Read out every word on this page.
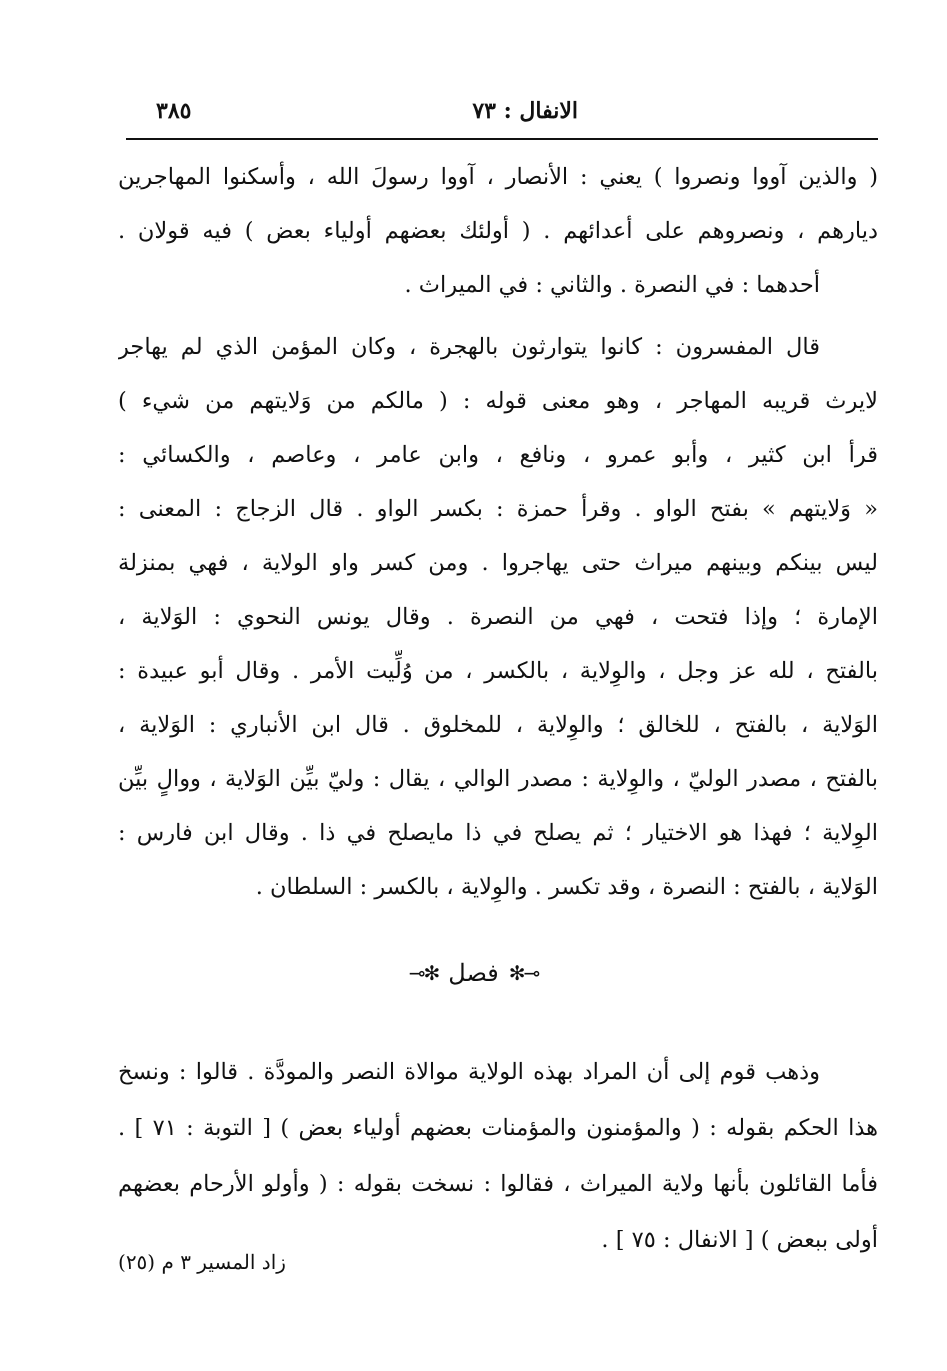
الانفال : ٧٣
٣٨٥
( والذين آووا ونصروا ) يعني : الأنصار ، آووا رسولَ الله ، وأسكنوا المهاجرين
ديارهم ، ونصروهم على أعدائهم . ( أولئك بعضهم أولياء بعض ) فيه قولان .
أحدهما : في النصرة . والثاني : في الميراث .
قال المفسرون : كانوا يتوارثون بالهجرة ، وكان المؤمن الذي لم يهاجر
لايرث قريبه المهاجر ، وهو معنى قوله : ( مالكم من وَلايتهم من شيء )
قرأ ابن كثير ، وأبو عمرو ، ونافع ، وابن عامر ، وعاصم ، والكسائي :
« وَلايتهم » بفتح الواو . وقرأ حمزة : بكسر الواو . قال الزجاج : المعنى :
ليس بينكم وبينهم ميراث حتى يهاجروا . ومن كسر واو الولاية ، فهي بمنزلة
الإمارة ؛ وإذا فتحت ، فهي من النصرة . وقال يونس النحوي : الوَلاية ،
بالفتح ، لله عز وجل ، والوِلاية ، بالكسر ، من وُلِّيت الأمر . وقال أبو عبيدة :
الوَلاية ، بالفتح ، للخالق ؛ والوِلاية ، للمخلوق . قال ابن الأنباري : الوَلاية ،
بالفتح ، مصدر الوليّ ، والوِلاية : مصدر الوالي ، يقال : وليّ بيِّن الوَلاية ، ووالٍ بيِّن
الوِلاية ؛ فهذا هو الاختيار ؛ ثم يصلح في ذا مايصلح في ذا . وقال ابن فارس :
الوَلاية ، بالفتح : النصرة ، وقد تكسر . والوِلاية ، بالكسر : السلطان .
⊸✻
فصل
✻⟜
وذهب قوم إلى أن المراد بهذه الولاية موالاة النصر والمودَّة . قالوا : ونسخ
هذا الحكم بقوله : ( والمؤمنون والمؤمنات بعضهم أولياء بعض ) [ التوبة : ٧١ ] .
فأما القائلون بأنها ولاية الميراث ، فقالوا : نسخت بقوله : ( وأولو الأرحام بعضهم
أولى ببعض ) [ الانفال : ٧٥ ] .
زاد المسير ٣ م (٢٥)
